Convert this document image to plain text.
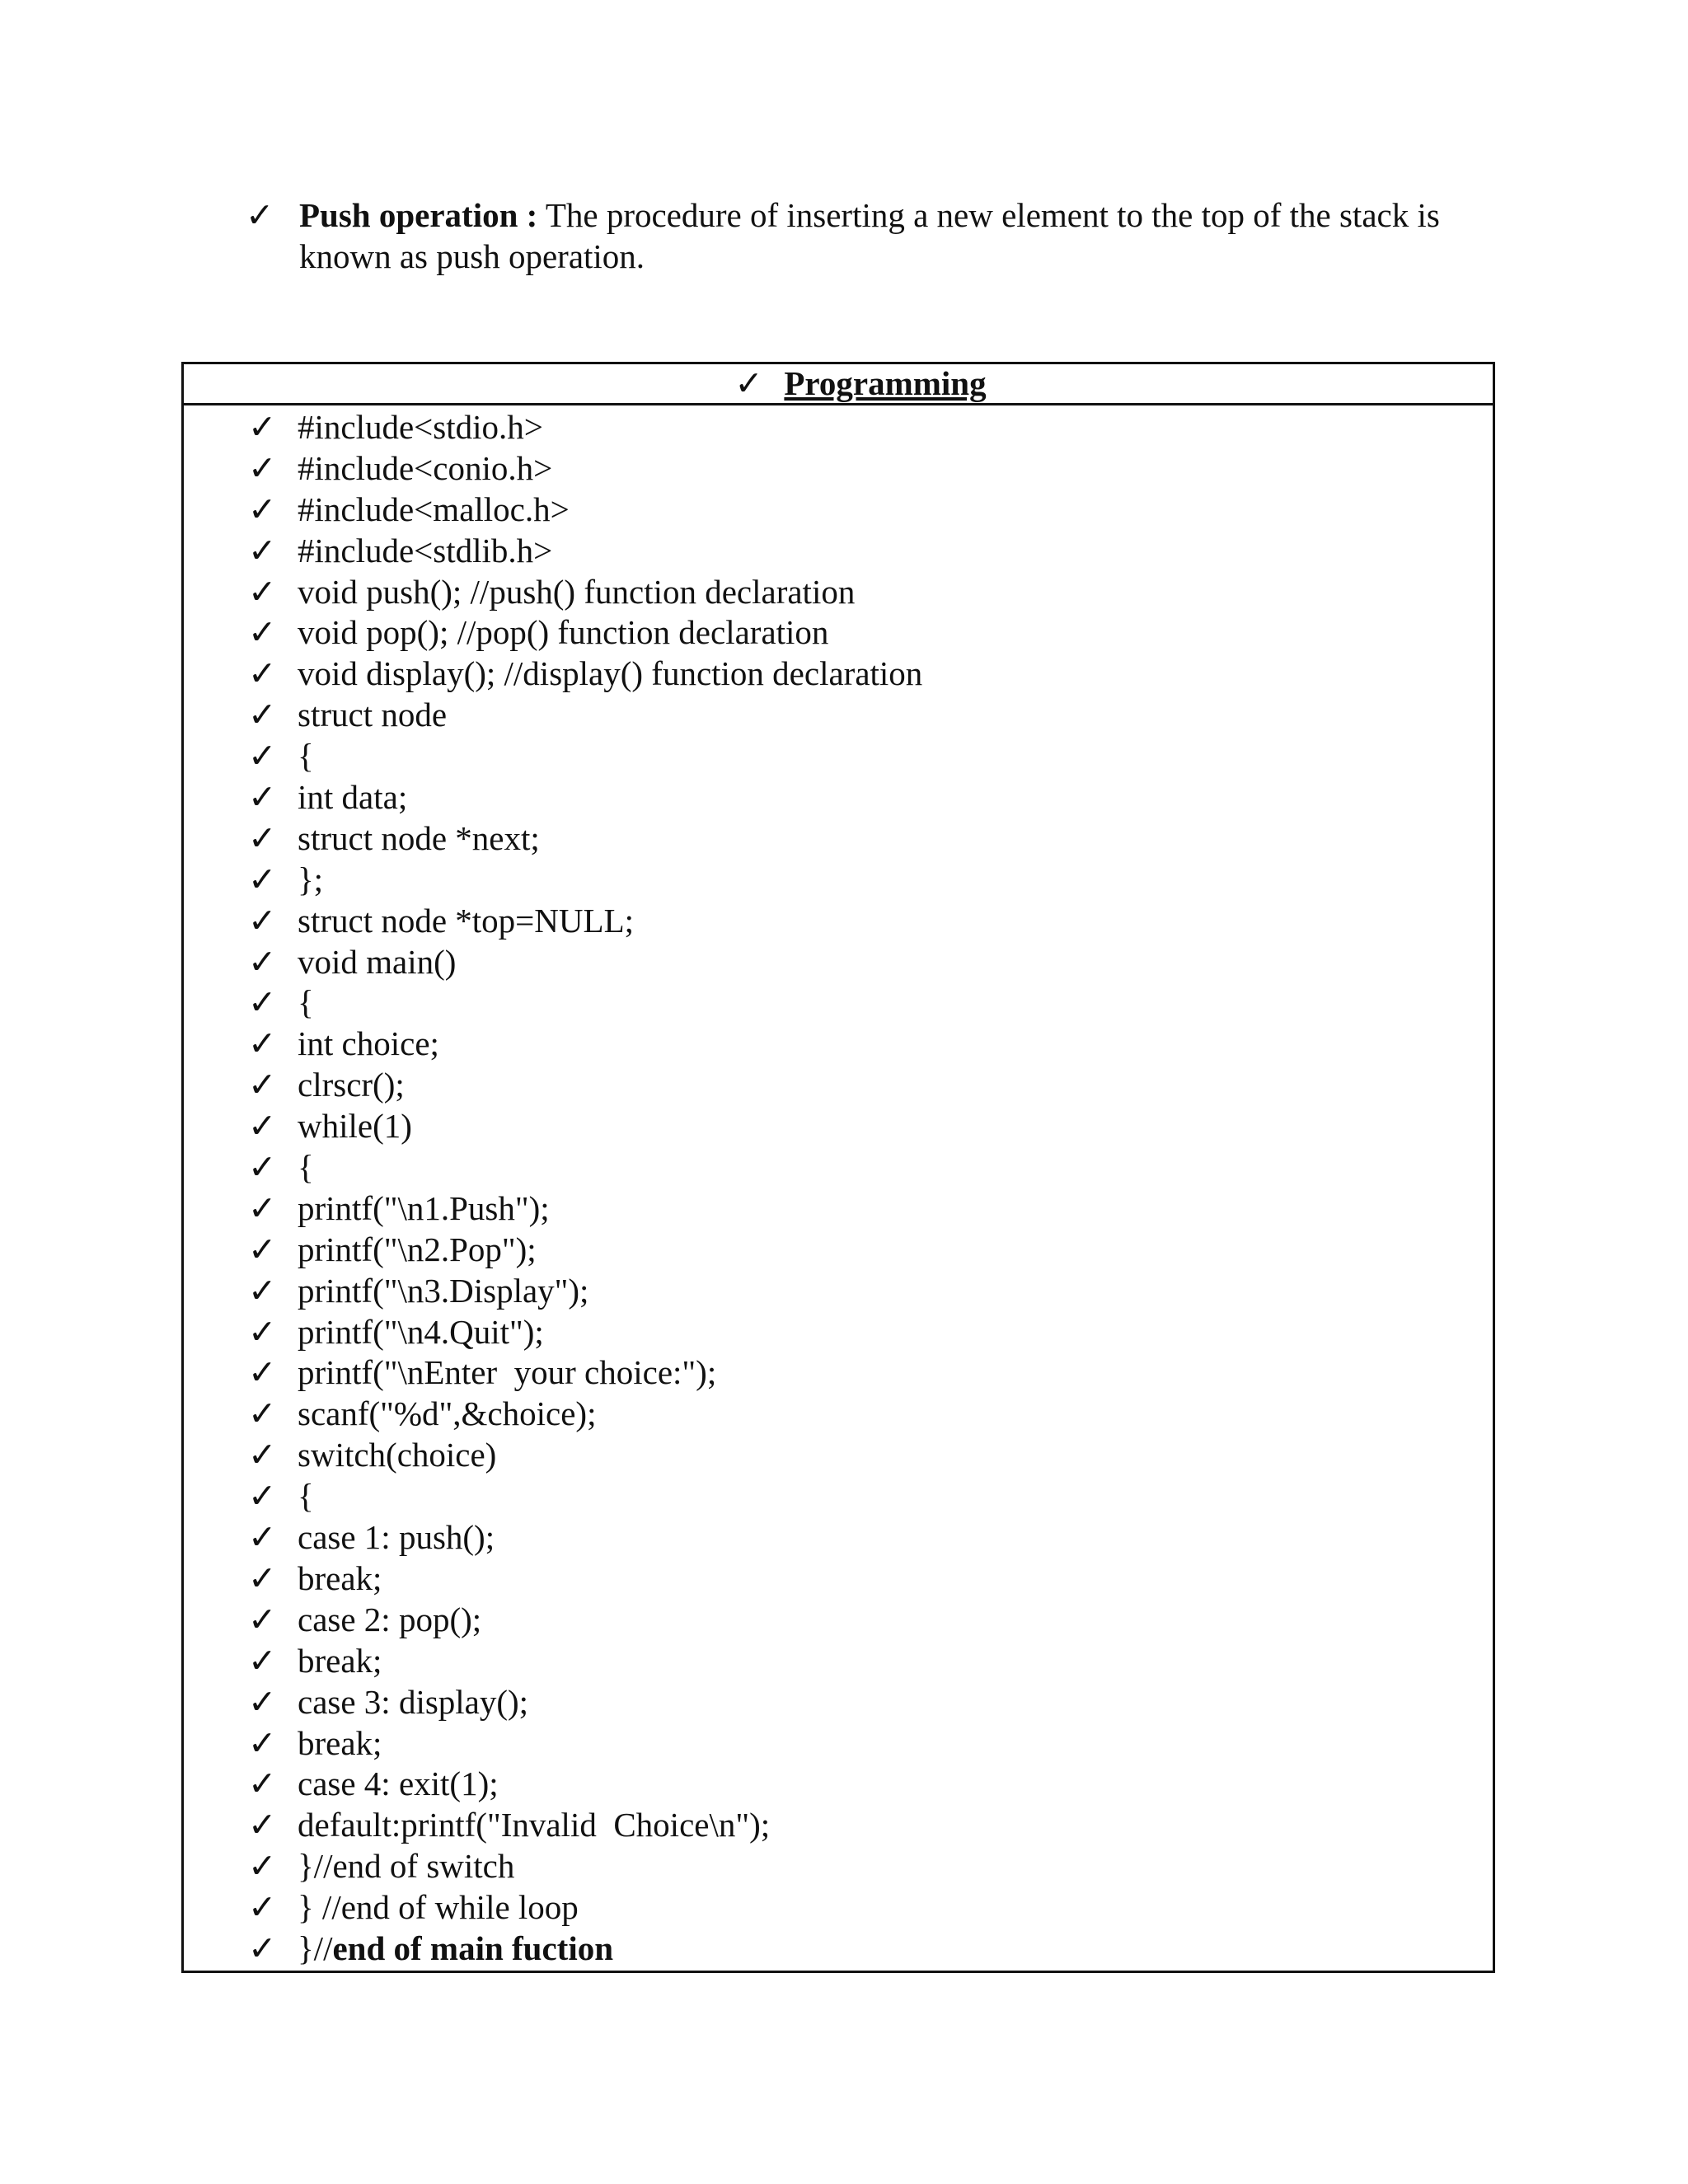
✓ Push operation : The procedure of inserting a new element to the top of the stack is known as push operation.
✓ Programming
✓ #include<stdio.h>
✓ #include<conio.h>
✓ #include<malloc.h>
✓ #include<stdlib.h>
✓ void push(); //push() function declaration
✓ void pop(); //pop() function declaration
✓ void display(); //display() function declaration
✓ struct node
✓ {
✓ int data;
✓ struct node *next;
✓ };
✓ struct node *top=NULL;
✓ void main()
✓ {
✓ int choice;
✓ clrscr();
✓ while(1)
✓ {
✓ printf("\n1.Push");
✓ printf("\n2.Pop");
✓ printf("\n3.Display");
✓ printf("\n4.Quit");
✓ printf("\nEnter  your choice:");
✓ scanf("%d",&choice);
✓ switch(choice)
✓ {
✓ case 1: push();
✓ break;
✓ case 2: pop();
✓ break;
✓ case 3: display();
✓ break;
✓ case 4: exit(1);
✓ default:printf("Invalid  Choice\n");
✓ }//end of switch
✓ } //end of while loop
✓ }//end of main fuction
